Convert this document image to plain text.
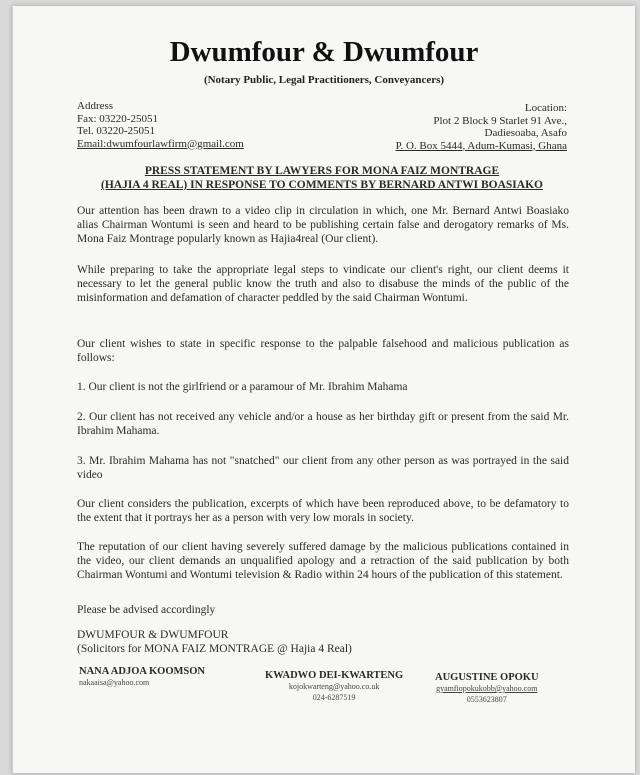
Dwumfour & Dwumfour
(Notary Public, Legal Practitioners, Conveyancers)
Address
Fax: 03220-25051
Tel. 03220-25051
Email:dwumfourlawfirm@gmail.com
Location:
Plot 2 Block 9 Starlet 91 Ave.,
Dadiesoaba, Asafo
P. O. Box 5444, Adum-Kumasi, Ghana
PRESS STATEMENT BY LAWYERS FOR MONA FAIZ MONTRAGE
(HAJIA 4 REAL) IN RESPONSE TO COMMENTS BY BERNARD ANTWI BOASIAKO
Our attention has been drawn to a video clip in circulation in which, one Mr. Bernard Antwi Boasiako alias Chairman Wontumi is seen and heard to be publishing certain false and derogatory remarks of Ms. Mona Faiz Montrage popularly known as Hajia4real (Our client).
While preparing to take the appropriate legal steps to vindicate our client's right, our client deems it necessary to let the general public know the truth and also to disabuse the minds of the public of the misinformation and defamation of character peddled by the said Chairman Wontumi.
Our client wishes to state in specific response to the palpable falsehood and malicious publication as follows:
1. Our client is not the girlfriend or a paramour of Mr. Ibrahim Mahama
2. Our client has not received any vehicle and/or a house as her birthday gift or present from the said Mr. Ibrahim Mahama.
3. Mr. Ibrahim Mahama has not "snatched" our client from any other person as was portrayed in the said video
Our client considers the publication, excerpts of which have been reproduced above, to be defamatory to the extent that it portrays her as a person with very low morals in society.
The reputation of our client having severely suffered damage by the malicious publications contained in the video, our client demands an unqualified apology and a retraction of the said publication by both Chairman Wontumi and Wontumi television & Radio within 24 hours of the publication of this statement.
Please be advised accordingly
DWUMFOUR & DWUMFOUR
(Solicitors for MONA FAIZ MONTRAGE @ Hajia 4 Real)
NANA ADJOA KOOMSON
nakaaisa@yahoo.com
KWADWO DEI-KWARTENG
kojokwarteng@yahoo.co.uk
024-6287519
AUGUSTINE OPOKU
gyamfiopokukobb@yahoo.com
0553623807
